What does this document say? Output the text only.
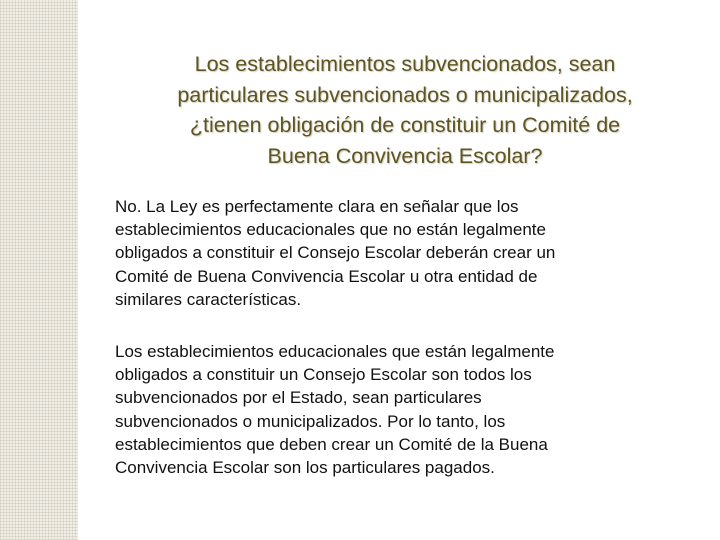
Los establecimientos subvencionados, sean
particulares subvencionados o municipalizados,
¿tienen obligación de constituir un Comité de
Buena Convivencia Escolar?

No. La Ley es perfectamente clara en señalar que los
establecimientos educacionales que no están legalmente
obligados a constituir el Consejo Escolar deberán crear un
Comité de Buena Convivencia Escolar u otra entidad de
similares características.

Los establecimientos educacionales que están legalmente
obligados a constituir un Consejo Escolar son todos los
subvencionados por el Estado, sean particulares
subvencionados o municipalizados. Por lo tanto, los
establecimientos que deben crear un Comité de la Buena
Convivencia Escolar son los particulares pagados.
